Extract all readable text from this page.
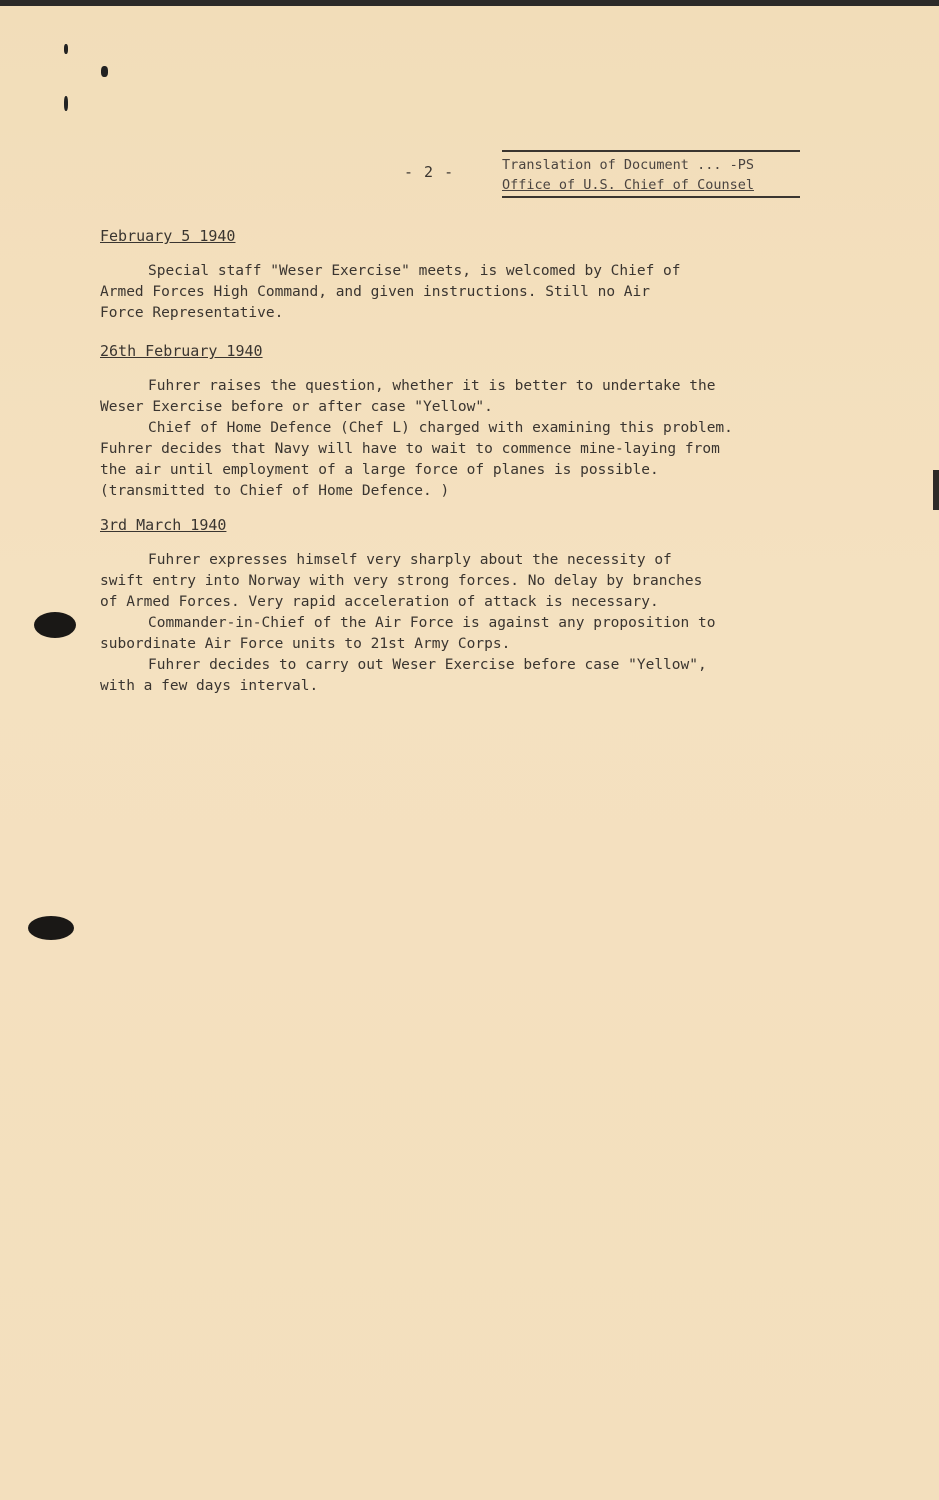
- 2 -	Translation of Document ... -PS
Office of U.S. Chief of Counsel
February 5 1940

Special staff "Weser Exercise" meets, is welcomed by Chief of
Armed Forces High Command, and given instructions. Still no Air
Force Representative.

26th February 1940

Fuhrer raises the question, whether it is better to undertake the
Weser Exercise before or after case "Yellow".

Chief of Home Defence (Chef L) charged with examining this problem.
Fuhrer decides that Navy will have to wait to commence mine-laying from
the air until employment of a large force of planes is possible.
(transmitted to Chief of Home Defence. )

3rd March 1940

Fuhrer expresses himself very sharply about the necessity of
swift entry into Norway with very strong forces. No delay by branches
of Armed Forces. Very rapid acceleration of attack is necessary.

Commander-in-Chief of the Air Force is against any proposition to
subordinate Air Force units to 21st Army Corps.

Fuhrer decides to carry out Weser Exercise before case "Yellow",
with a few days interval.
